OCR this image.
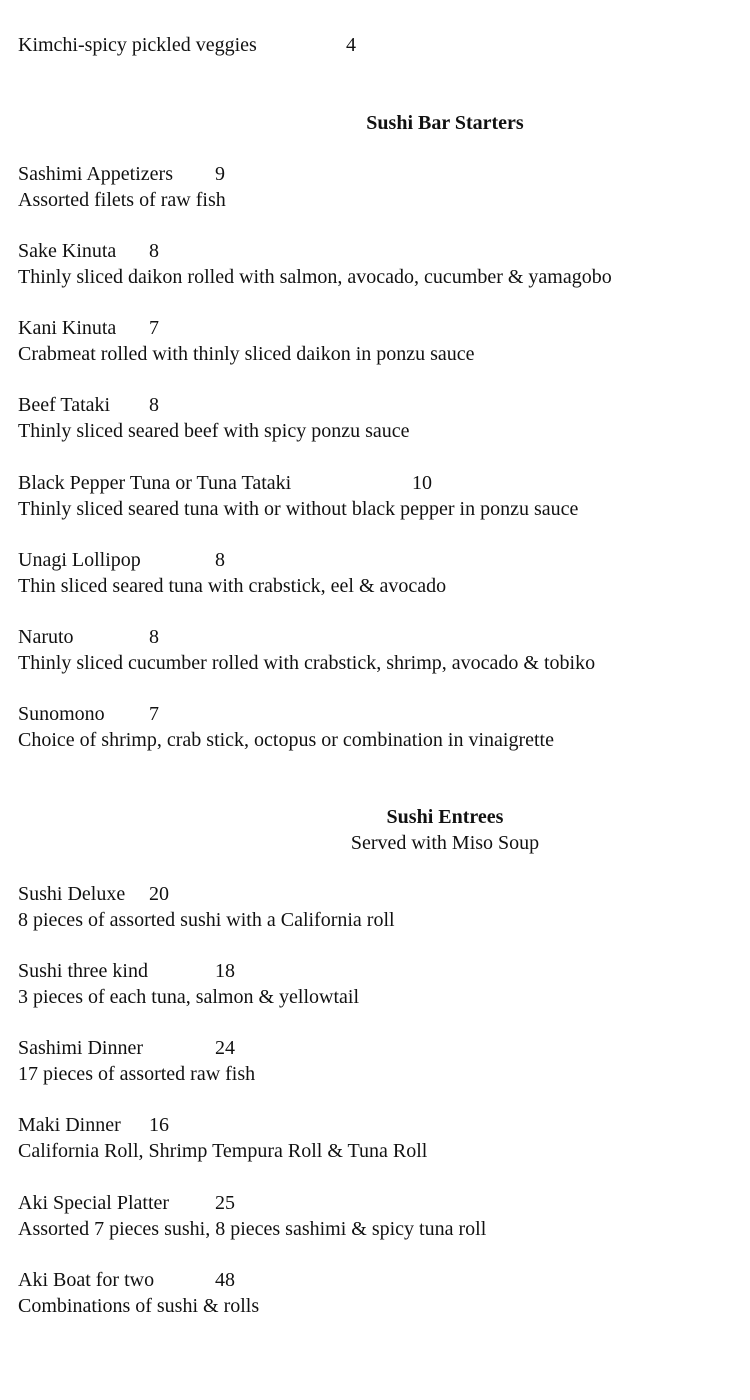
Kimchi-spicy pickled veggies	4
Sushi Bar Starters
Sashimi Appetizers 9
Assorted filets of raw fish
Sake Kinuta 8
Thinly sliced daikon rolled with salmon, avocado, cucumber & yamagobo
Kani Kinuta 7
Crabmeat rolled with thinly sliced daikon in ponzu sauce
Beef Tataki 8
Thinly sliced seared beef with spicy ponzu sauce
Black Pepper Tuna or Tuna Tataki	10
Thinly sliced seared tuna with or without black pepper in ponzu sauce
Unagi Lollipop	8
Thin sliced seared tuna with crabstick, eel & avocado
Naruto	8
Thinly sliced cucumber rolled with crabstick, shrimp, avocado & tobiko
Sunomono 7
Choice of shrimp, crab stick, octopus or combination in vinaigrette
Sushi Entrees
Served with Miso Soup
Sushi Deluxe 20
8 pieces of assorted sushi with a California roll
Sushi three kind	18
3 pieces of each tuna, salmon & yellowtail
Sashimi Dinner	24
17 pieces of assorted raw fish
Maki Dinner 16
California Roll, Shrimp Tempura Roll & Tuna Roll
Aki Special Platter 25
Assorted 7 pieces sushi, 8 pieces sashimi & spicy tuna roll
Aki Boat for two	48
Combinations of sushi & rolls
